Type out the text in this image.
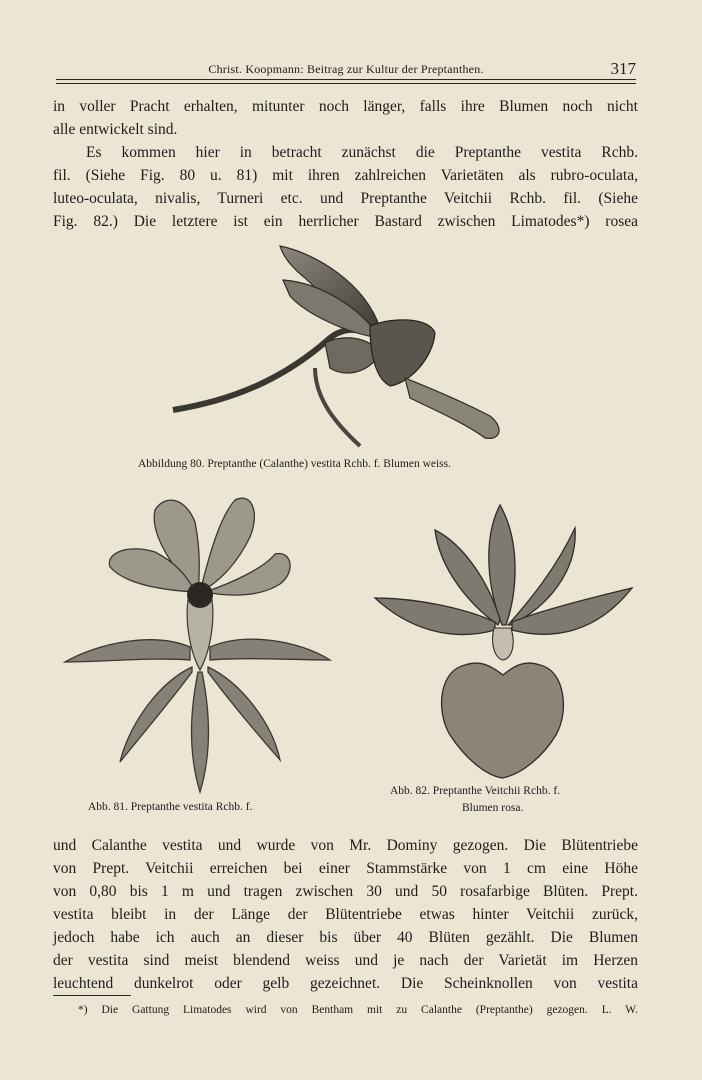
Christ. Koopmann: Beitrag zur Kultur der Preptanthen.	317
in voller Pracht erhalten, mitunter noch länger, falls ihre Blumen noch nicht
alle entwickelt sind.
Es kommen hier in betracht zunächst die Preptanthe vestita Rchb.
fil. (Siehe Fig. 80 u. 81) mit ihren zahlreichen Varietäten als rubro-oculata,
luteo-oculata, nivalis, Turneri etc. und Preptanthe Veitchii Rchb. fil. (Siehe
Fig. 82.) Die letztere ist ein herrlicher Bastard zwischen Limatodes*) rosea
Abbildung 80. Preptanthe (Calanthe) vestita Rchb. f. Blumen weiss.
Abb. 81. Preptanthe vestita Rchb. f.
Abb. 82. Preptanthe Veitchii Rchb. f.
Blumen rosa.
und Calanthe vestita und wurde von Mr. Dominy gezogen. Die Blütentriebe
von Prept. Veitchii erreichen bei einer Stammstärke von 1 cm eine Höhe
von 0,80 bis 1 m und tragen zwischen 30 und 50 rosafarbige Blüten. Prept.
vestita bleibt in der Länge der Blütentriebe etwas hinter Veitchii zurück,
jedoch habe ich auch an dieser bis über 40 Blüten gezählt. Die Blumen
der vestita sind meist blendend weiss und je nach der Varietät im Herzen
leuchtend dunkelrot oder gelb gezeichnet. Die Scheinknollen von vestita
*) Die Gattung Limatodes wird von Bentham mit zu Calanthe (Preptanthe) gezogen. L. W.
